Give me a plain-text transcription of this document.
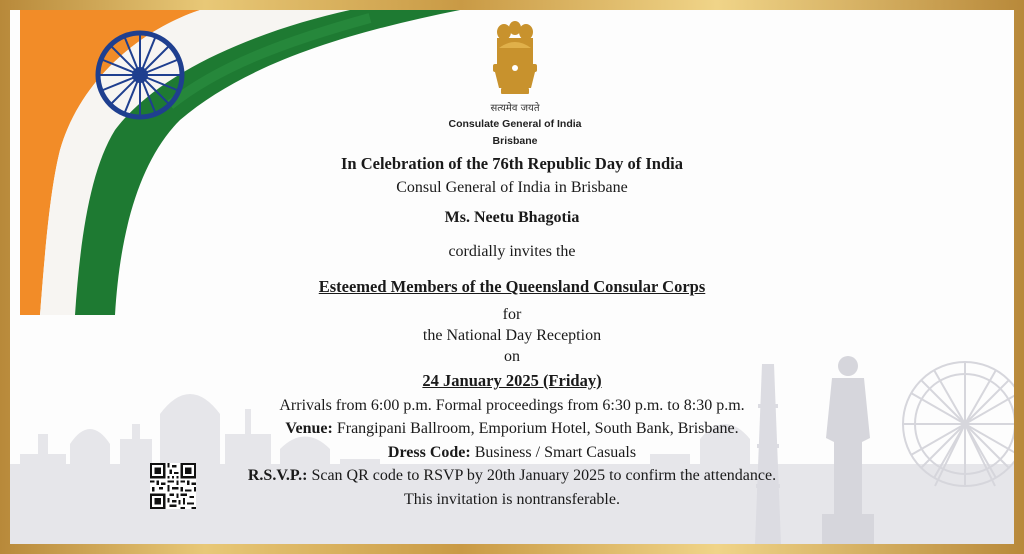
सत्यमेव जयते
Consulate General of India
Brisbane
In Celebration of the 76th Republic Day of India
Consul General of India in Brisbane
Ms. Neetu Bhagotia
cordially invites the
Esteemed Members of the Queensland Consular Corps
for
the National Day Reception
on
24 January 2025 (Friday)
Arrivals from 6:00 p.m. Formal proceedings from 6:30 p.m. to 8:30 p.m.
Venue: Frangipani Ballroom, Emporium Hotel, South Bank, Brisbane.
Dress Code: Business / Smart Casuals
R.S.V.P.: Scan QR code to RSVP by 20th January 2025 to confirm the attendance.
This invitation is nontransferable.
